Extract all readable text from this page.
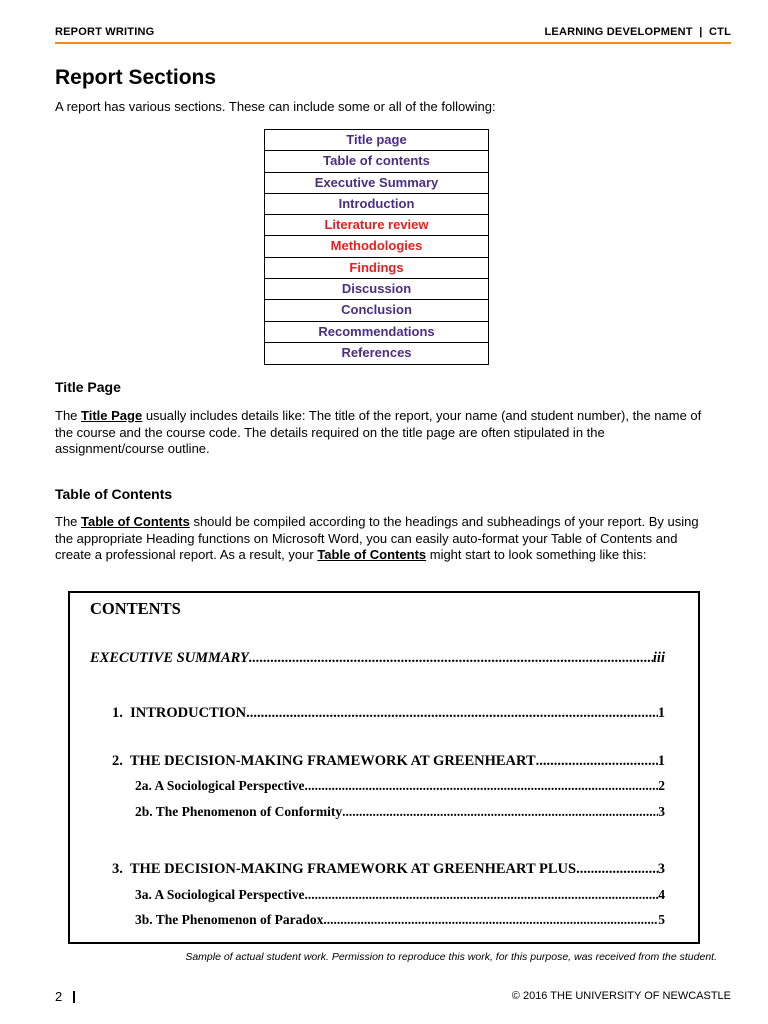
REPORT WRITING	LEARNING DEVELOPMENT  |  CTL
Report Sections
A report has various sections. These can include some or all of the following:
Title page
Table of contents
Executive Summary
Introduction
Literature review
Methodologies
Findings
Discussion
Conclusion
Recommendations
References
Title Page
The Title Page usually includes details like: The title of the report, your name (and student number), the name of the course and the course code. The details required on the title page are often stipulated in the assignment/course outline.
Table of Contents
The Table of Contents should be compiled according to the headings and subheadings of your report. By using the appropriate Heading functions on Microsoft Word, you can easily auto-format your Table of Contents and create a professional report. As a result, your Table of Contents might start to look something like this:
CONTENTS
EXECUTIVE SUMMARY .....	iii
1.  INTRODUCTION .....	1
2.  THE DECISION-MAKING FRAMEWORK AT GREENHEART .....	1
2a. A Sociological Perspective .....	2
2b. The Phenomenon of Conformity .....	3
3.  THE DECISION-MAKING FRAMEWORK AT GREENHEART PLUS .....	3
3a. A Sociological Perspective .....	4
3b. The Phenomenon of Paradox .....	5
Sample of actual student work. Permission to reproduce this work, for this purpose, was received from the student.
2	© 2016 THE UNIVERSITY OF NEWCASTLE
